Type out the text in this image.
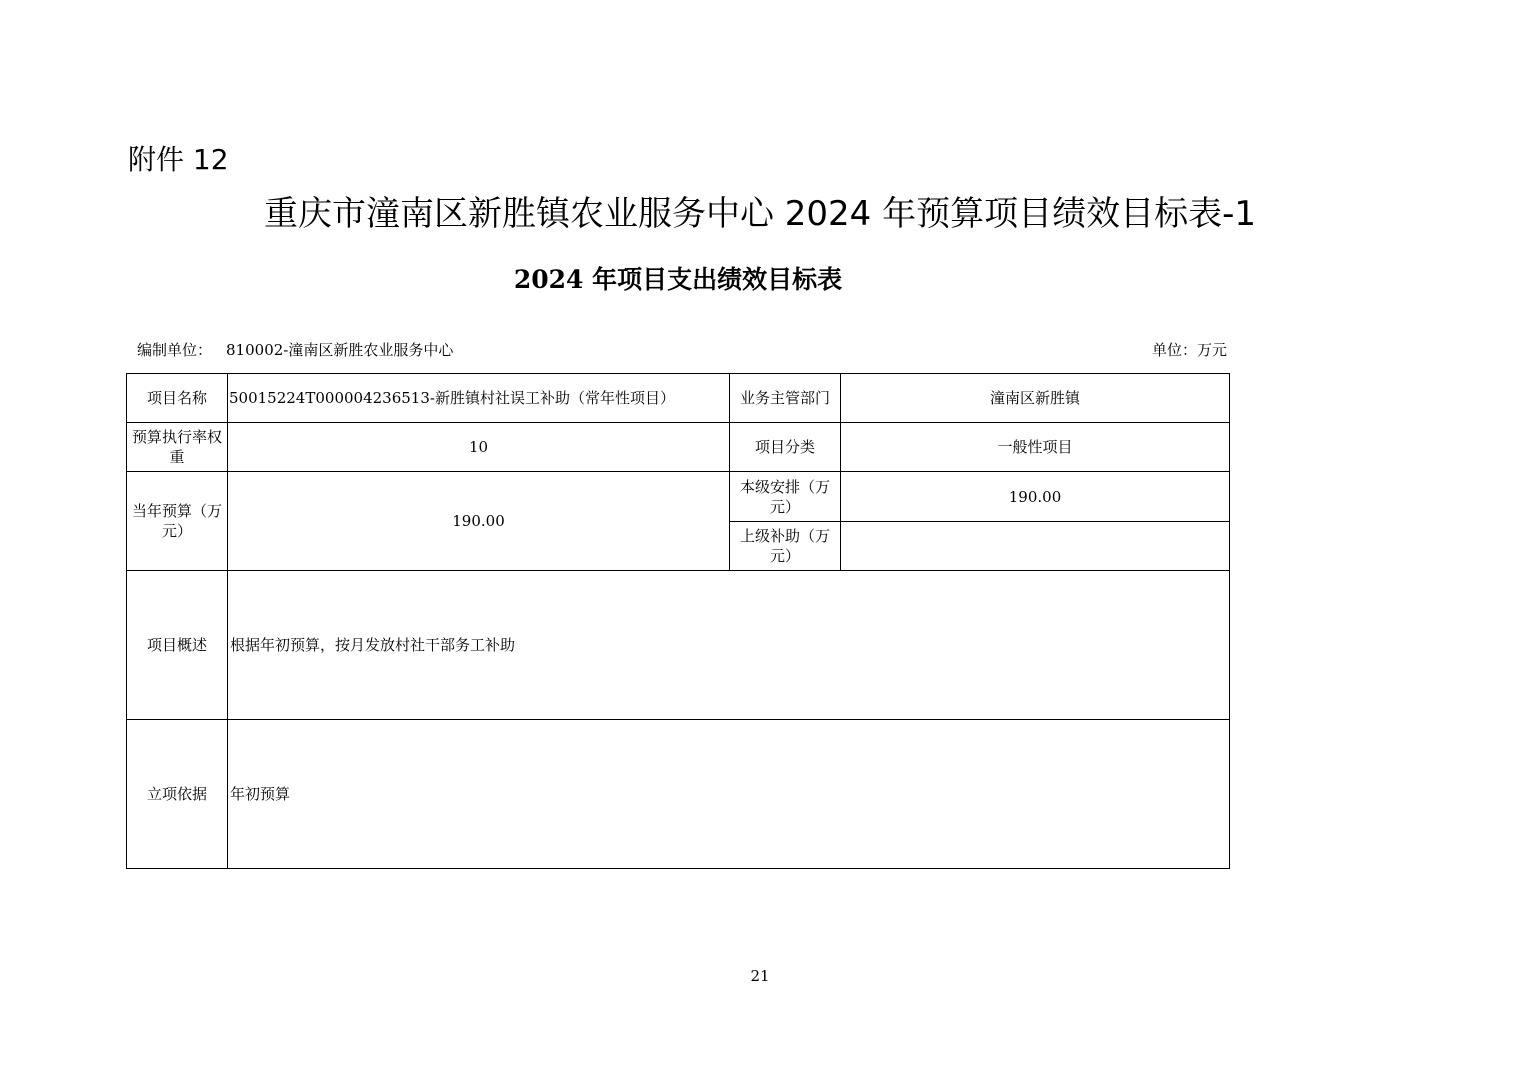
附件 12
重庆市潼南区新胜镇农业服务中心 2024 年预算项目绩效目标表-1
2024 年项目支出绩效目标表
编制单位： 810002-潼南区新胜农业服务中心	单位：万元
项目名称	50015224T000004236513-新胜镇村社误工补助（常年性项目）	业务主管部门	潼南区新胜镇
预算执行率权重	10	项目分类	一般性项目
当年预算（万元）	190.00	本级安排（万元）	190.00
		上级补助（万元）	
项目概述	根据年初预算，按月发放村社干部务工补助		
立项依据	年初预算		
21
